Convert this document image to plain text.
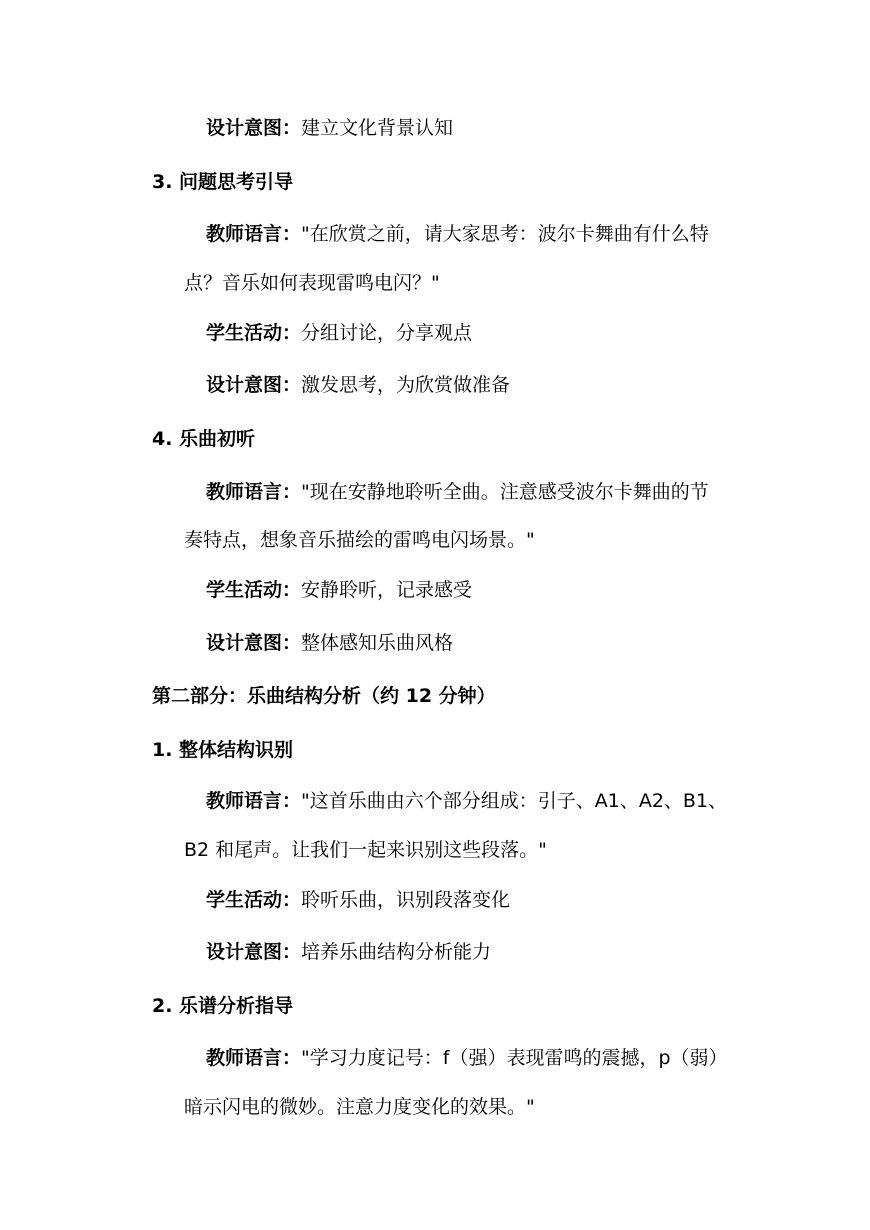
设计意图：建立文化背景认知
3. 问题思考引导
教师语言："在欣赏之前，请大家思考：波尔卡舞曲有什么特
点？音乐如何表现雷鸣电闪？"
学生活动：分组讨论，分享观点
设计意图：激发思考，为欣赏做准备
4. 乐曲初听
教师语言："现在安静地聆听全曲。注意感受波尔卡舞曲的节
奏特点，想象音乐描绘的雷鸣电闪场景。"
学生活动：安静聆听，记录感受
设计意图：整体感知乐曲风格
第二部分：乐曲结构分析（约 12 分钟）
1. 整体结构识别
教师语言："这首乐曲由六个部分组成：引子、A1、A2、B1、
B2 和尾声。让我们一起来识别这些段落。"
学生活动：聆听乐曲，识别段落变化
设计意图：培养乐曲结构分析能力
2. 乐谱分析指导
教师语言："学习力度记号：f（强）表现雷鸣的震撼，p（弱）
暗示闪电的微妙。注意力度变化的效果。"
